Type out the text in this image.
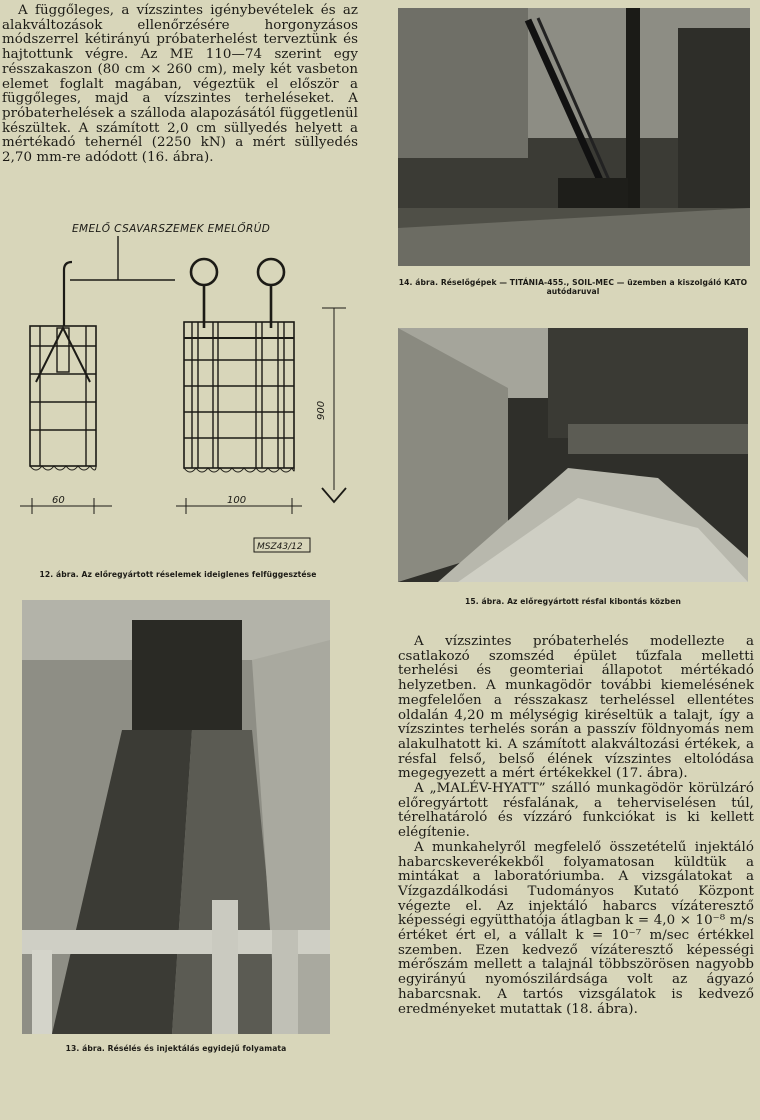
A függőleges, a vízszintes igénybevételek és az alakváltozások ellenőrzésére horgonyzásos módszerrel kétirányú próbaterhelést terveztünk és hajtottunk végre. Az ME 110—74 szerint egy résszakaszon (80 cm × 260 cm), mely két vasbeton elemet foglalt magában, végeztük el először a függőleges, majd a vízszintes terheléseket. A próbaterhelések a szálloda alapozásától függetlenül készültek. A számított 2,0 cm süllyedés helyett a mértékadó tehernél (2250 kN) a mért süllyedés 2,70 mm-re adódott (16. ábra).

EMELŐ CSAVARSZEMEK EMELŐRÚD
60	100
900
MSZ43/12

12. ábra. Az előregyártott réselemek ideiglenes felfüggesztése

14. ábra. Réselőgépek — TITÁNIA-455., SOIL-MEC — üzemben a kiszolgáló KATO autódaruval

15. ábra. Az előregyártott résfal kibontás közben

13. ábra. Résélés és injektálás egyidejű folyamata

A vízszintes próbaterhelés modellezte a csatlakozó szomszéd épület tűzfala melletti terhelési és geomteriai állapotot mértékadó helyzetben. A munkagödör további kiemelésének megfelelően a résszakasz terheléssel ellentétes oldalán 4,20 m mélységig kiréseltük a talajt, így a vízszintes terhelés során a passzív földnyomás nem alakulhatott ki. A számított alakváltozási értékek, a résfal felső, belső élének vízszintes eltolódása megegyezett a mért értékekkel (17. ábra).

A „MALÉV-HYATT” szálló munkagödör körülzáró előregyártott résfalának, a teherviselésen túl, térelhatároló és vízzáró funkciókat is ki kellett elégítenie.

A munkahelyről megfelelő összetételű injektáló habarcskeverékekből folyamatosan küldtük a mintákat a laboratóriumba. A vizsgálatokat a Vízgazdálkodási Tudományos Kutató Központ végezte el. Az injektáló habarcs vízáteresztő képességi együtthatója átlagban k = 4,0 × 10⁻⁸ m/s értéket ért el, a vállalt k = 10⁻⁷ m/sec értékkel szemben. Ezen kedvező vízáteresztő képességi mérőszám mellett a talajnál többszörösen nagyobb egyirányú nyomószilárdsága volt az ágyazó habarcsnak. A tartós vizsgálatok is kedvező eredményeket mutattak (18. ábra).
